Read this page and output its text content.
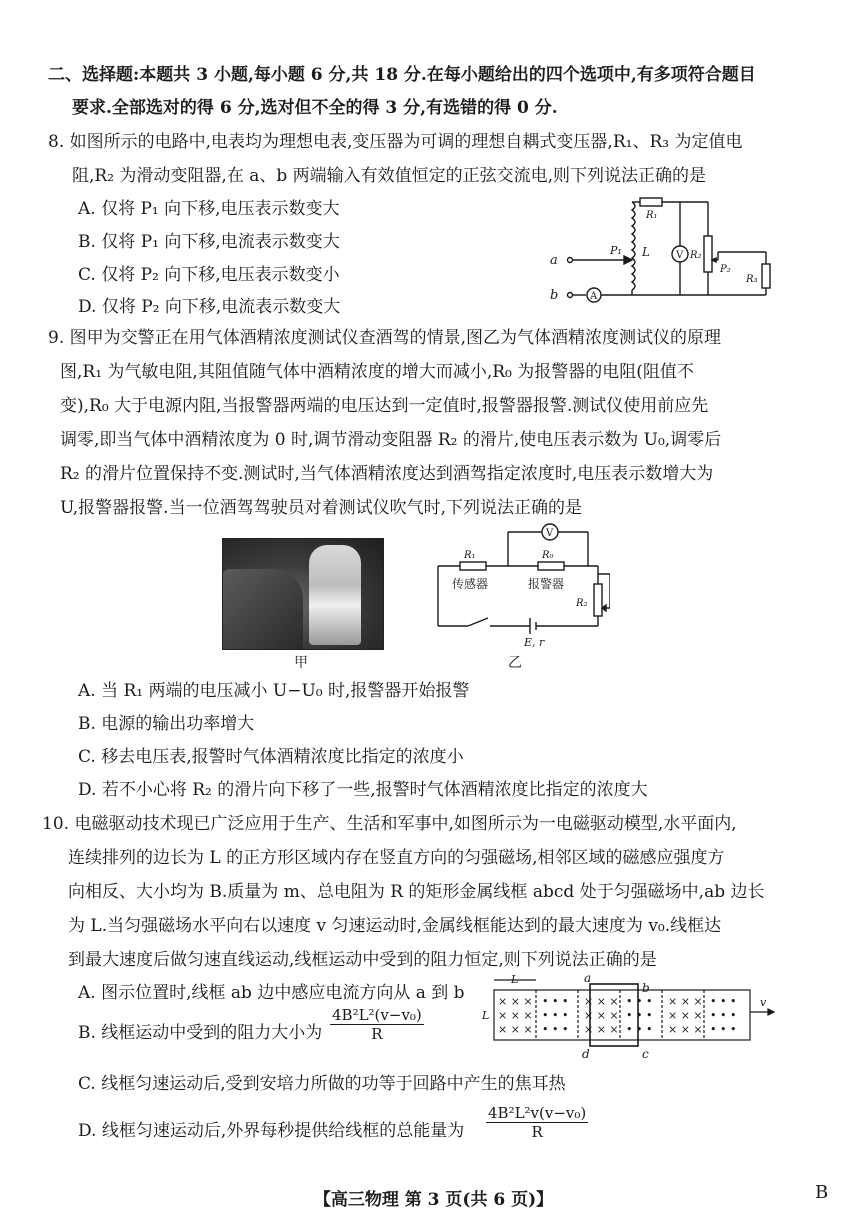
二、选择题:本题共 3 小题,每小题 6 分,共 18 分.在每小题给出的四个选项中,有多项符合题目
要求.全部选对的得 6 分,选对但不全的得 3 分,有选错的得 0 分.
8. 如图所示的电路中,电表均为理想电表,变压器为可调的理想自耦式变压器,R₁、R₃ 为定值电
阻,R₂ 为滑动变阻器,在 a、b 两端输入有效值恒定的正弦交流电,则下列说法正确的是
A. 仅将 P₁ 向下移,电压表示数变大
B. 仅将 P₁ 向下移,电流表示数变大
C. 仅将 P₂ 向下移,电压表示数变小
D. 仅将 P₂ 向下移,电流表示数变大
a
b
P₁ L
R₁
V R₂
P₂
R₃
A
9. 图甲为交警正在用气体酒精浓度测试仪查酒驾的情景,图乙为气体酒精浓度测试仪的原理
图,R₁ 为气敏电阻,其阻值随气体中酒精浓度的增大而减小,R₀ 为报警器的电阻(阻值不
变),R₀ 大于电源内阻,当报警器两端的电压达到一定值时,报警器报警.测试仪使用前应先
调零,即当气体中酒精浓度为 0 时,调节滑动变阻器 R₂ 的滑片,使电压表示数为 U₀,调零后
R₂ 的滑片位置保持不变.测试时,当气体酒精浓度达到酒驾指定浓度时,电压表示数增大为
U,报警器报警.当一位酒驾驾驶员对着测试仪吹气时,下列说法正确的是
甲
V
R₁	R₀
传感器	报警器
R₂
E, r
乙
A. 当 R₁ 两端的电压减小 U−U₀ 时,报警器开始报警
B. 电源的输出功率增大
C. 移去电压表,报警时气体酒精浓度比指定的浓度小
D. 若不小心将 R₂ 的滑片向下移了一些,报警时气体酒精浓度比指定的浓度大
10. 电磁驱动技术现已广泛应用于生产、生活和军事中,如图所示为一电磁驱动模型,水平面内,
连续排列的边长为 L 的正方形区域内存在竖直方向的匀强磁场,相邻区域的磁感应强度方
向相反、大小均为 B.质量为 m、总电阻为 R 的矩形金属线框 abcd 处于匀强磁场中,ab 边长
为 L.当匀强磁场水平向右以速度 v 匀速运动时,金属线框能达到的最大速度为 v₀.线框达
到最大速度后做匀速直线运动,线框运动中受到的阻力恒定,则下列说法正确的是
A. 图示位置时,线框 ab 边中感应电流方向从 a 到 b
B. 线框运动中受到的阻力大小为 $\frac{\text{4B²L²(v−v₀)}}{R}$
× × ×
× × ×
× × ×
• • •
• • •
• • •
× × ×
× × ×
× × ×
• • •
• • •
• • •
× × ×
× × ×
× × ×
• • •
• • •
• • •
L
L
a
b
c
d
v
C. 线框匀速运动后,受到安培力所做的功等于回路中产生的焦耳热
D. 线框匀速运动后,外界每秒提供给线框的总能量为 $\frac{\text{4B²L²v(v−v₀)}}{R}$
【高三物理 第 3 页(共 6 页)】	B
